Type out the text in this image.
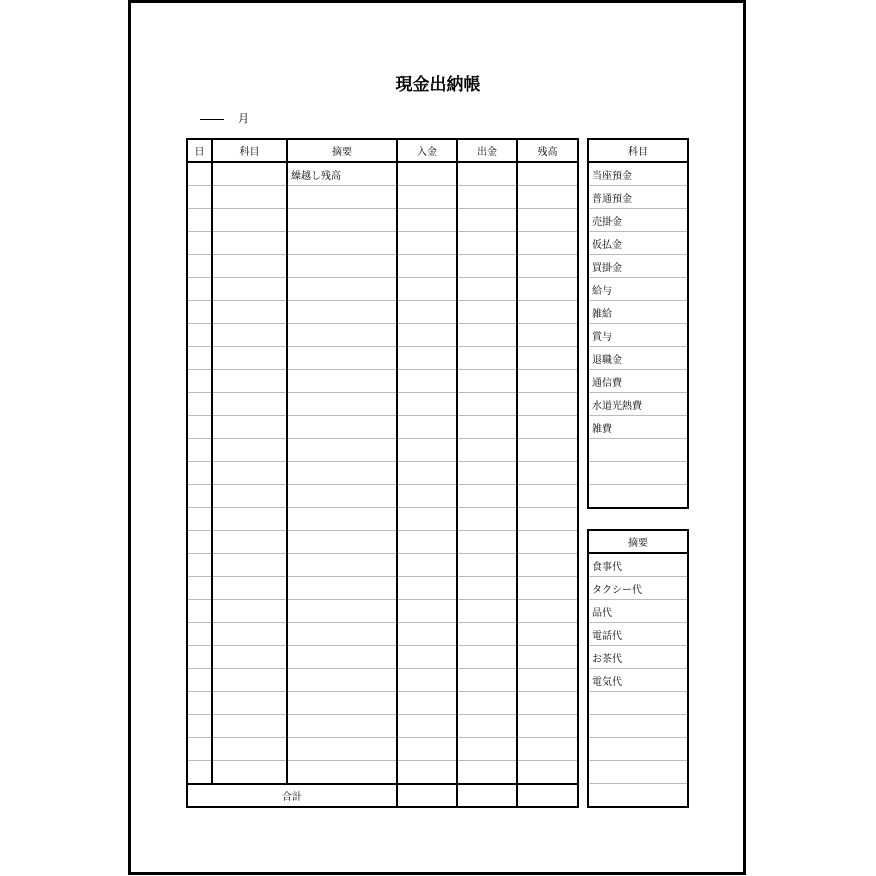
現金出納帳
月
日	科目	摘要	入金	出金	残高
		繰越し残高			

合計					
科目
当座預金
普通預金
売掛金
仮払金
買掛金
給与
雑給
賞与
退職金
通信費
水道光熱費
雑費

摘要
食事代
タクシー代
品代
電話代
お茶代
電気代
